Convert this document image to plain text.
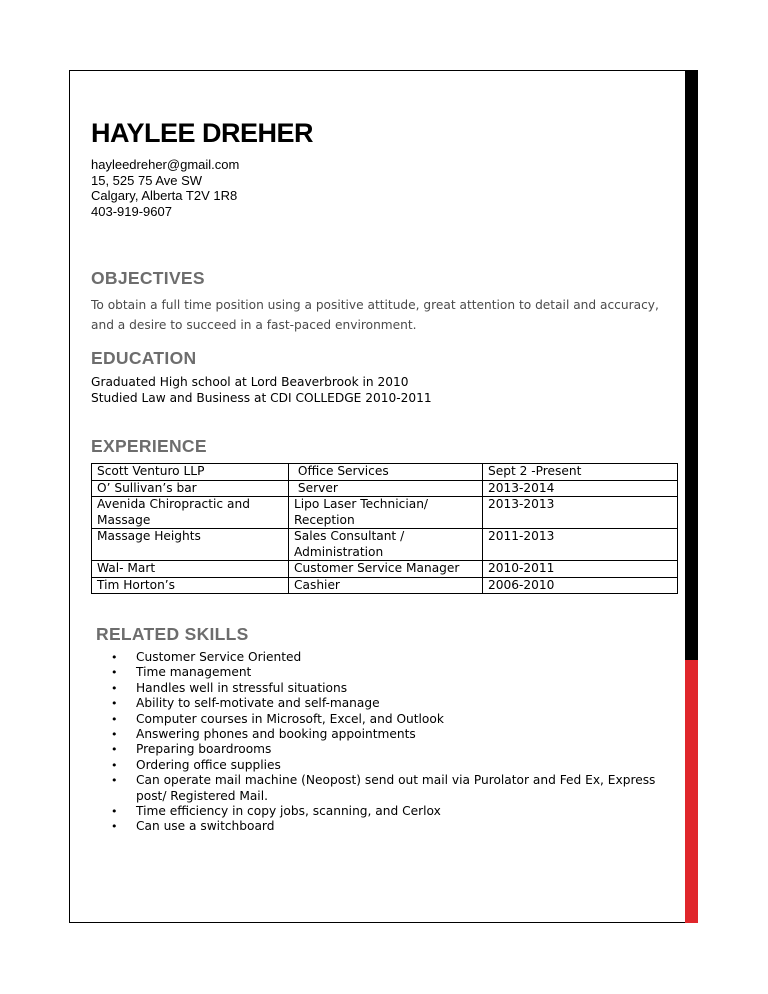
HAYLEE DREHER
hayleedreher@gmail.com
15, 525 75 Ave SW
Calgary, Alberta T2V 1R8
403-919-9607
OBJECTIVES
To obtain a full time position using a positive attitude, great attention to detail and accuracy, and a desire to succeed in a fast-paced environment.
EDUCATION
Graduated High school at Lord Beaverbrook in 2010
Studied Law and Business at CDI COLLEDGE 2010-2011
EXPERIENCE
Scott Venturo LLP	Office Services	Sept 2 -Present
O’ Sullivan’s bar	Server	2013-2014
Avenida Chiropractic and Massage	Lipo Laser Technician/ Reception	2013-2013
Massage Heights	Sales Consultant / Administration	2011-2013
Wal- Mart	Customer Service Manager	2010-2011
Tim Horton’s	Cashier	2006-2010
RELATED SKILLS
• Customer Service Oriented
• Time management
• Handles well in stressful situations
• Ability to self-motivate and self-manage
• Computer courses in Microsoft, Excel, and Outlook
• Answering phones and booking appointments
• Preparing boardrooms
• Ordering office supplies
• Can operate mail machine (Neopost) send out mail via Purolator and Fed Ex, Express post/ Registered Mail.
• Time efficiency in copy jobs, scanning, and Cerlox
• Can use a switchboard
